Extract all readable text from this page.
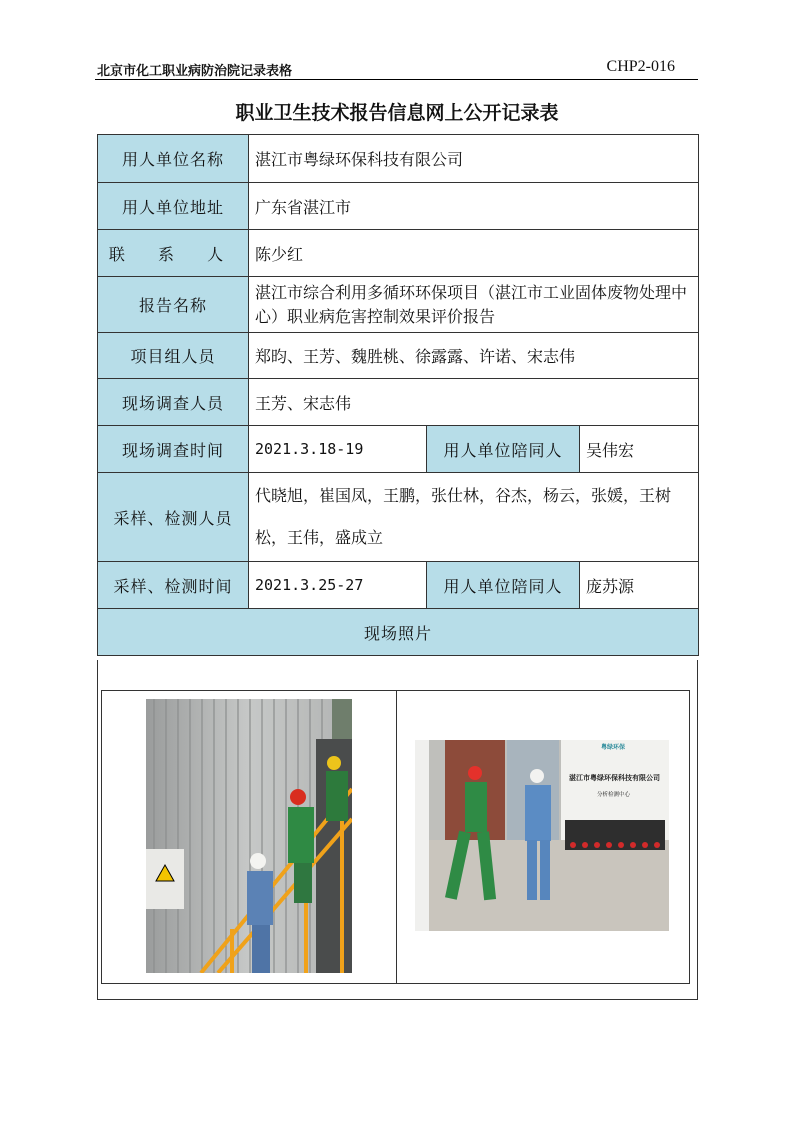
北京市化工职业病防治院记录表格	CHP2-016
职业卫生技术报告信息网上公开记录表
用人单位名称	湛江市粤绿环保科技有限公司		
用人单位地址	广东省湛江市		
联 系 人	陈少红		
报告名称	湛江市综合利用多循环环保项目（湛江市工业固体废物处理中心）职业病危害控制效果评价报告		
项目组人员	郑昀、王芳、魏胜桃、徐露露、许诺、宋志伟		
现场调查人员	王芳、宋志伟		
现场调查时间	2021.3.18-19	用人单位陪同人	吴伟宏
采样、检测人员	代晓旭，崔国凤，王鹏，张仕林，谷杰，杨云，张媛，王树松，王伟，盛成立		
采样、检测时间	2021.3.25-27	用人单位陪同人	庞苏源
现场照片			
粤绿环保
湛江市粤绿环保科技有限公司
分析检测中心
